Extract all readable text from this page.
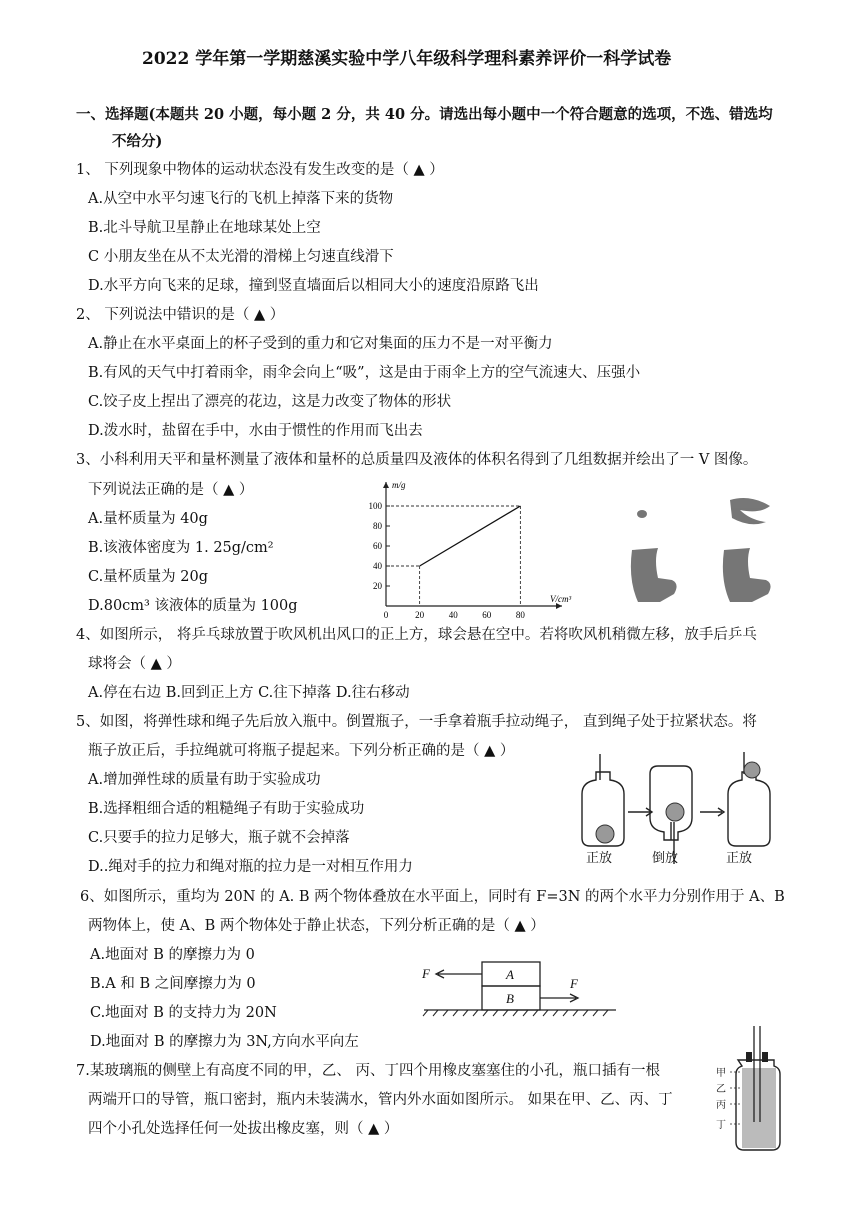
2022 学年第一学期慈溪实验中学八年级科学理科素养评价一科学试卷
一、选择题(本题共 20 小题，每小题 2 分，共 40 分。请选出每小题中一个符合题意的选项，不选、错选均
不给分)
1、 下列现象中物体的运动状态没有发生改变的是（ ▲ ）
A.从空中水平匀速飞行的飞机上掉落下来的货物
B.北斗导航卫星静止在地球某处上空
C 小朋友坐在从不太光滑的滑梯上匀速直线滑下
D.水平方向飞来的足球，撞到竖直墙面后以相同大小的速度沿原路飞出
2、 下列说法中错识的是（ ▲ ）
A.静止在水平桌面上的杯子受到的重力和它对集面的压力不是一对平衡力
B.有风的天气中打着雨伞，雨伞会向上“吸”，这是由于雨伞上方的空气流速大、压强小
C.饺子皮上捏出了漂亮的花边，这是力改变了物体的形状
D.泼水时，盐留在手中，水由于惯性的作用而飞出去
3、小科利用天平和量杯测量了液体和量杯的总质量四及液体的体积名得到了几组数据并绘出了一 V 图像。
下列说法正确的是（ ▲ ）
A.量杯质量为 40g
B.该液体密度为 1. 25g/cm²
C.量杯质量为 20g
D.80cm³ 该液体的质量为 100g	V/cm³
m/g
0	20	40	60	80
20
40
60
80
100
4、如图所示， 将乒乓球放置于吹风机出风口的正上方，球会悬在空中。若将吹风机稍微左移，放手后乒乓
球将会（ ▲ ）
A.停在右边 B.回到正上方 C.往下掉落 D.往右移动
5、如图，将弹性球和绳子先后放入瓶中。倒置瓶子，一手拿着瓶手拉动绳子， 直到绳子处于拉紧状态。将
瓶子放正后，手拉绳就可将瓶子提起来。下列分析正确的是（ ▲ ）
A.增加弹性球的质量有助于实验成功
B.选择粗细合适的粗糙绳子有助于实验成功
C.只要手的拉力足够大，瓶子就不会掉落
D..绳对手的拉力和绳对瓶的拉力是一对相互作用力
正放	倒放	正放
6、如图所示，重均为 20N 的 A. B 两个物体叠放在水平面上，同时有 F=3N 的两个水平力分别作用于 A、B
两物体上，使 A、B 两个物体处于静止状态，下列分析正确的是（ ▲ ）
A.地面对 B 的摩擦力为 0
B.A 和 B 之间摩擦力为 0
C.地面对 B 的支持力为 20N
D.地面对 B 的摩擦力为 3N,方向水平向左
F
F
A
B
7.某玻璃瓶的侧壁上有高度不同的甲，乙、 丙、丁四个用橡皮塞塞住的小孔，瓶口插有一根
两端开口的导管，瓶口密封，瓶内未装满水，管内外水面如图所示。 如果在甲、乙、丙、丁
四个小孔处选择任何一处拔出橡皮塞，则（ ▲ ）
甲
乙
丙
丁
